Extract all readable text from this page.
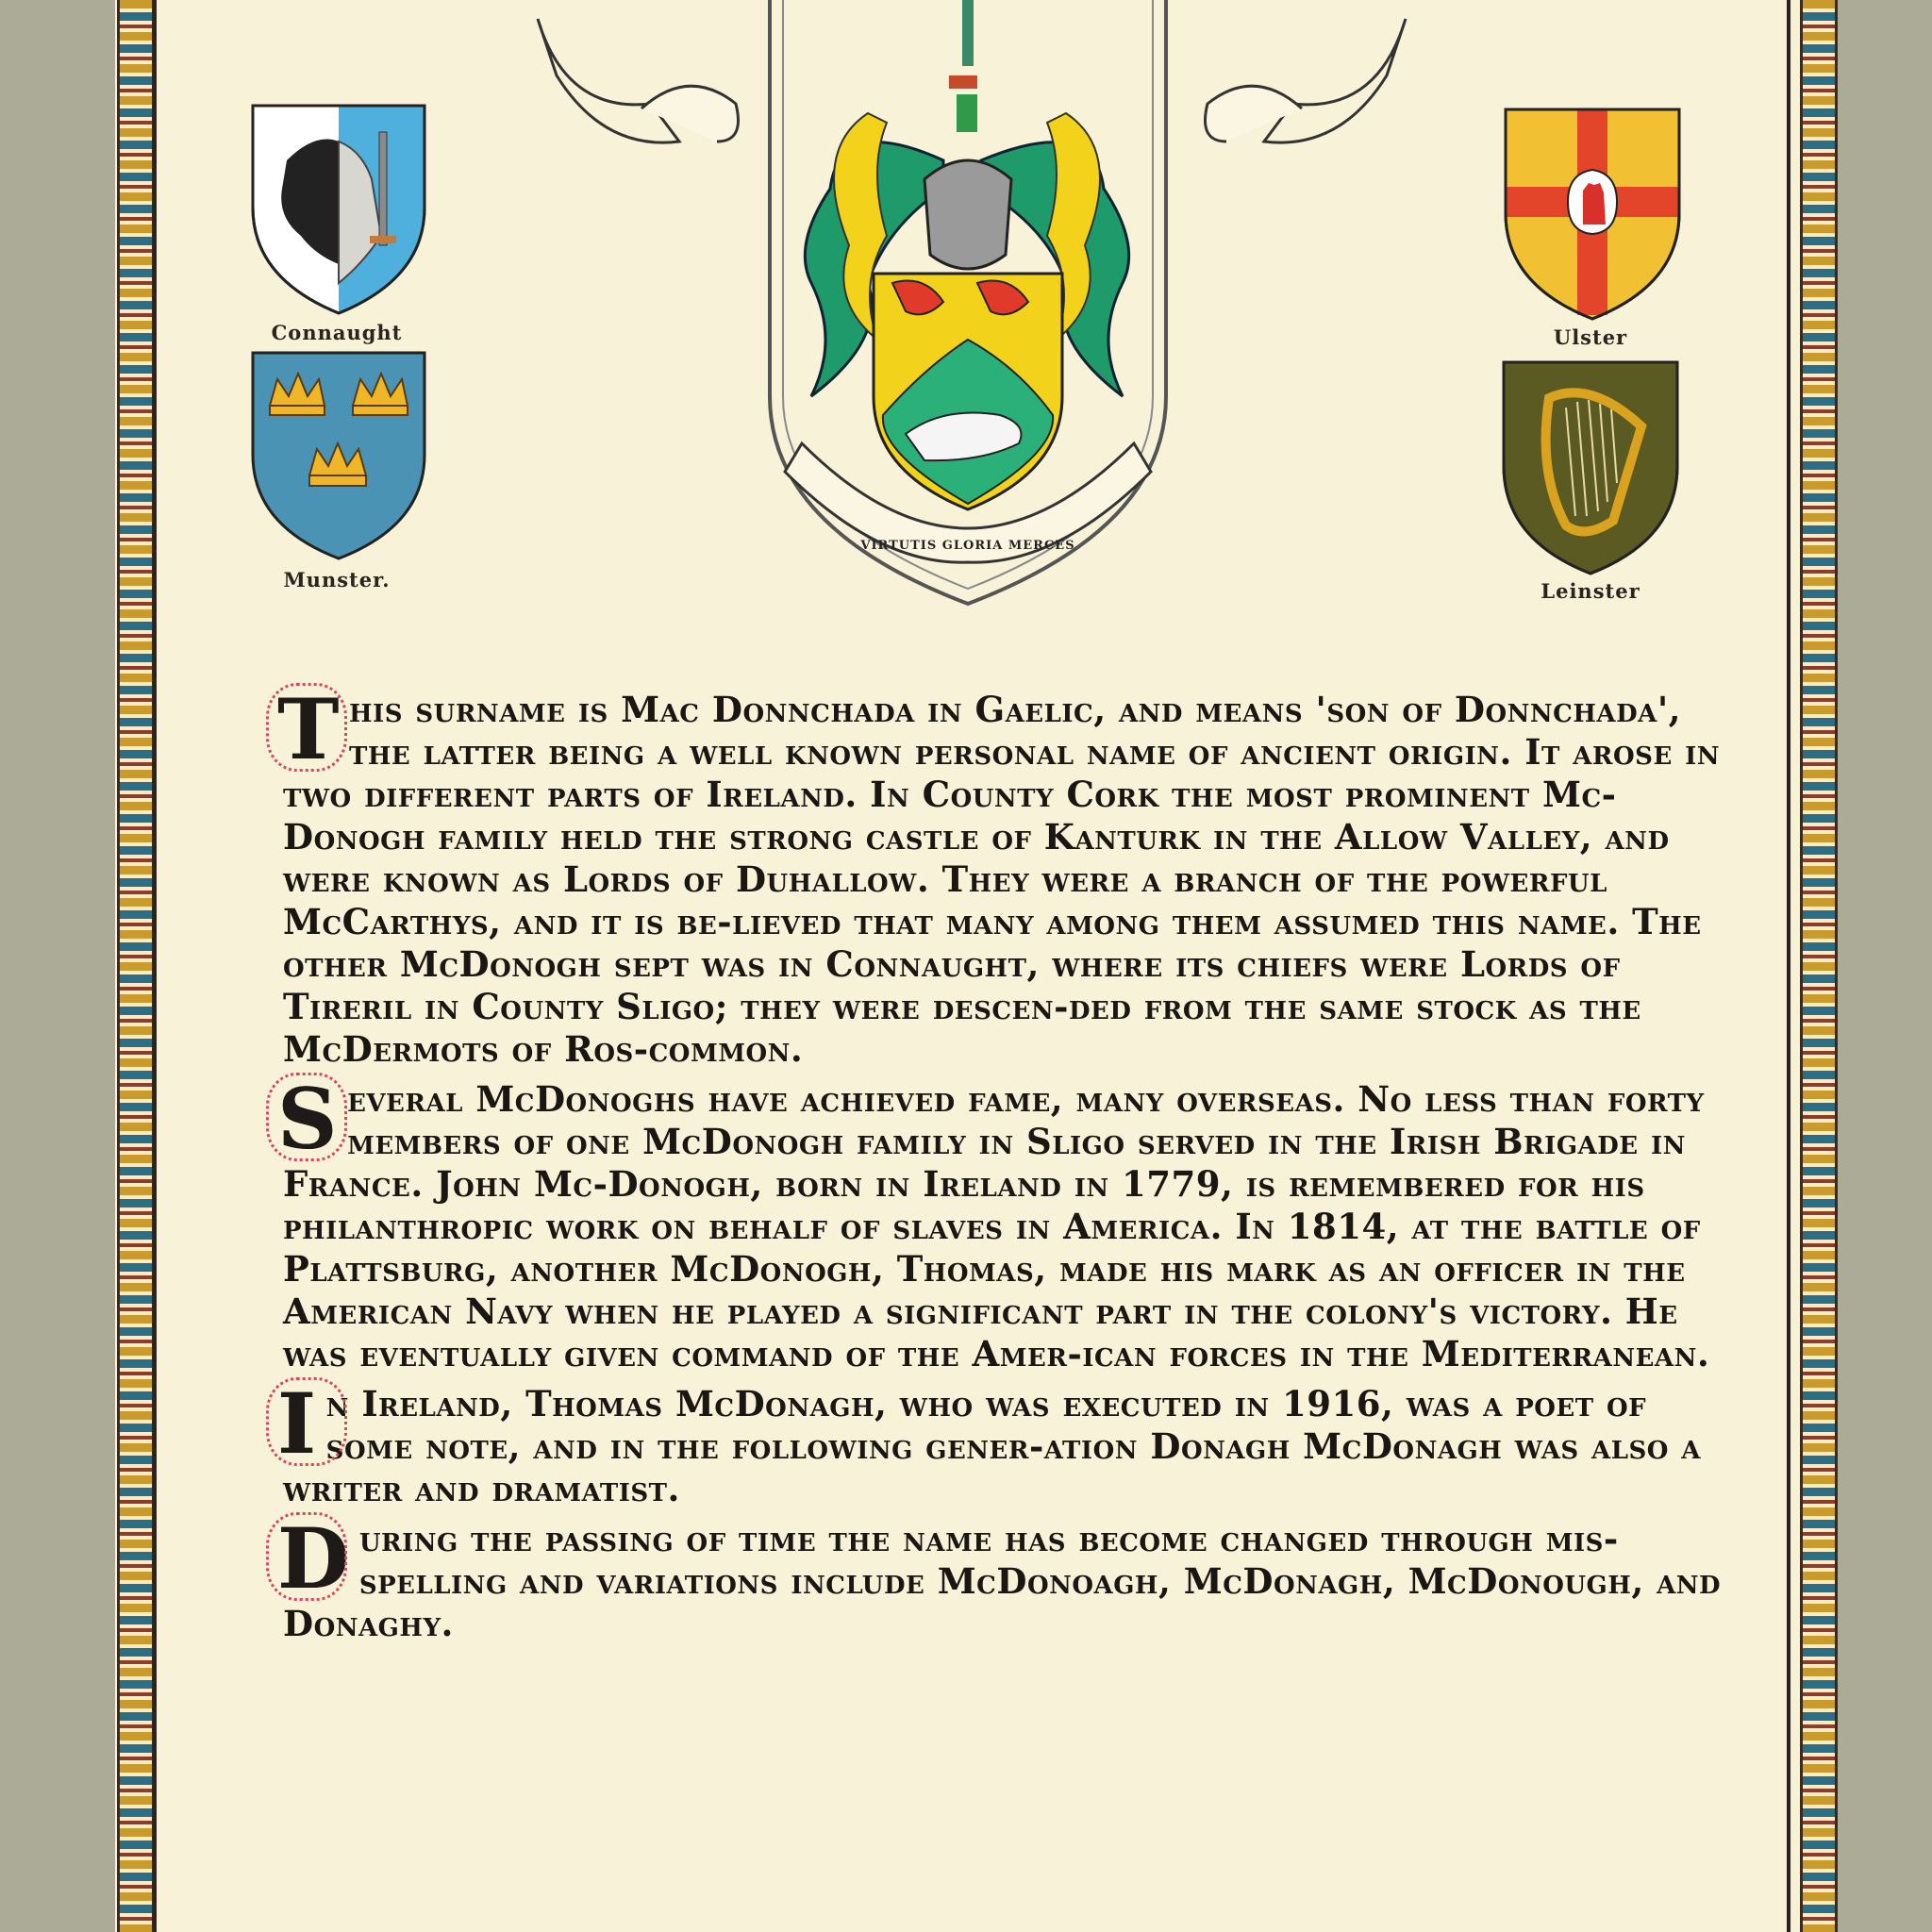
Connaught
Munster.
Ulster
Leinster
VIRTUTIS GLORIA MERCES

This surname is Mac Donnchada in Gaelic, and means 'son of Donnchada', the latter being a well known personal name of ancient origin. It arose in two different parts of Ireland. In County Cork the most prominent Mc-Donogh family held the strong castle of Kanturk in the Allow Valley, and were known as Lords of Duhallow. They were a branch of the powerful McCarthys, and it is be-lieved that many among them assumed this name. The other McDonogh sept was in Connaught, where its chiefs were Lords of Tireril in County Sligo; they were descen-ded from the same stock as the McDermots of Ros-common.

Several McDonoghs have achieved fame, many overseas. No less than forty members of one McDonogh family in Sligo served in the Irish Brigade in France. John Mc-Donogh, born in Ireland in 1779, is remembered for his philanthropic work on behalf of slaves in America. In 1814, at the battle of Plattsburg, another McDonogh, Thomas, made his mark as an officer in the American Navy when he played a significant part in the colony's victory. He was eventually given command of the Amer-ican forces in the Mediterranean.

In Ireland, Thomas McDonagh, who was executed in 1916, was a poet of some note, and in the following gener-ation Donagh McDonagh was also a writer and dramatist.

During the passing of time the name has become changed through mis-spelling and variations include McDonoagh, McDonagh, McDonough, and Donaghy.
